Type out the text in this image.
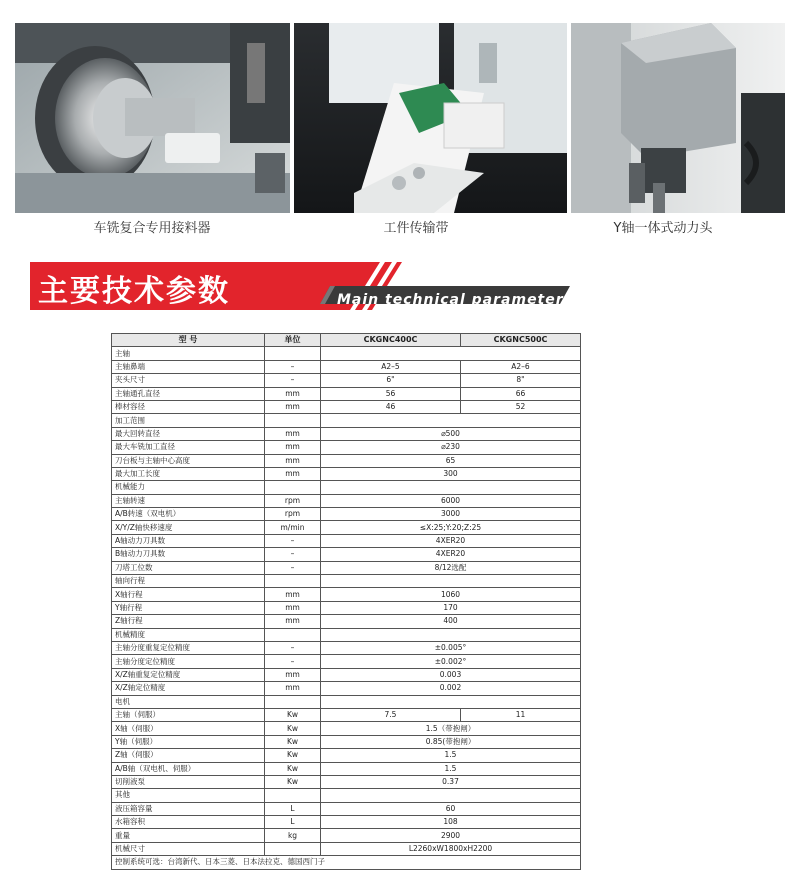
车铣复合专用接料器	工件传输带	Y轴一体式动力头
主要技术参数	Main technical parameters
型 号	单位	CKGNC400C	CKGNC500C
主轴			
主轴鼻端	–	A2–5	A2–6
夹头尺寸	–	6"	8"
主轴通孔直径	mm	56	66
棒材容径	mm	46	52
加工范围			
最大回转直径	mm	⌀500	
最大车铣加工直径	mm	⌀230	
刀台板与主轴中心高度	mm	65	
最大加工长度	mm	300	
机械能力			
主轴转速	rpm	6000	
A/B转速（双电机）	rpm	3000	
X/Y/Z轴快移速度	m/min	≤X:25;Y:20;Z:25	
A轴动力刀具数	–	4XER20	
B轴动力刀具数	–	4XER20	
刀塔工位数	–	8/12选配	
轴向行程			
X轴行程	mm	1060	
Y轴行程	mm	170	
Z轴行程	mm	400	
机械精度			
主轴分度重复定位精度	–	±0.005°	
主轴分度定位精度	–	±0.002°	
X/Z轴重复定位精度	mm	0.003	
X/Z轴定位精度	mm	0.002	
电机			
主轴（伺服）	Kw	7.5	11
X轴（伺服）	Kw	1.5（带抱闸）	
Y轴（伺服）	Kw	0.85(带抱闸）	
Z轴（伺服）	Kw	1.5	
A/B轴（双电机、伺服）	Kw	1.5	
切削液泵	Kw	0.37	
其他			
液压箱容量	L	60	
水箱容积	L	108	
重量	kg	2900	
机械尺寸		L2260xW1800xH2200	
控制系统可选：台湾新代、日本三菱、日本法拉克、德国西门子			
